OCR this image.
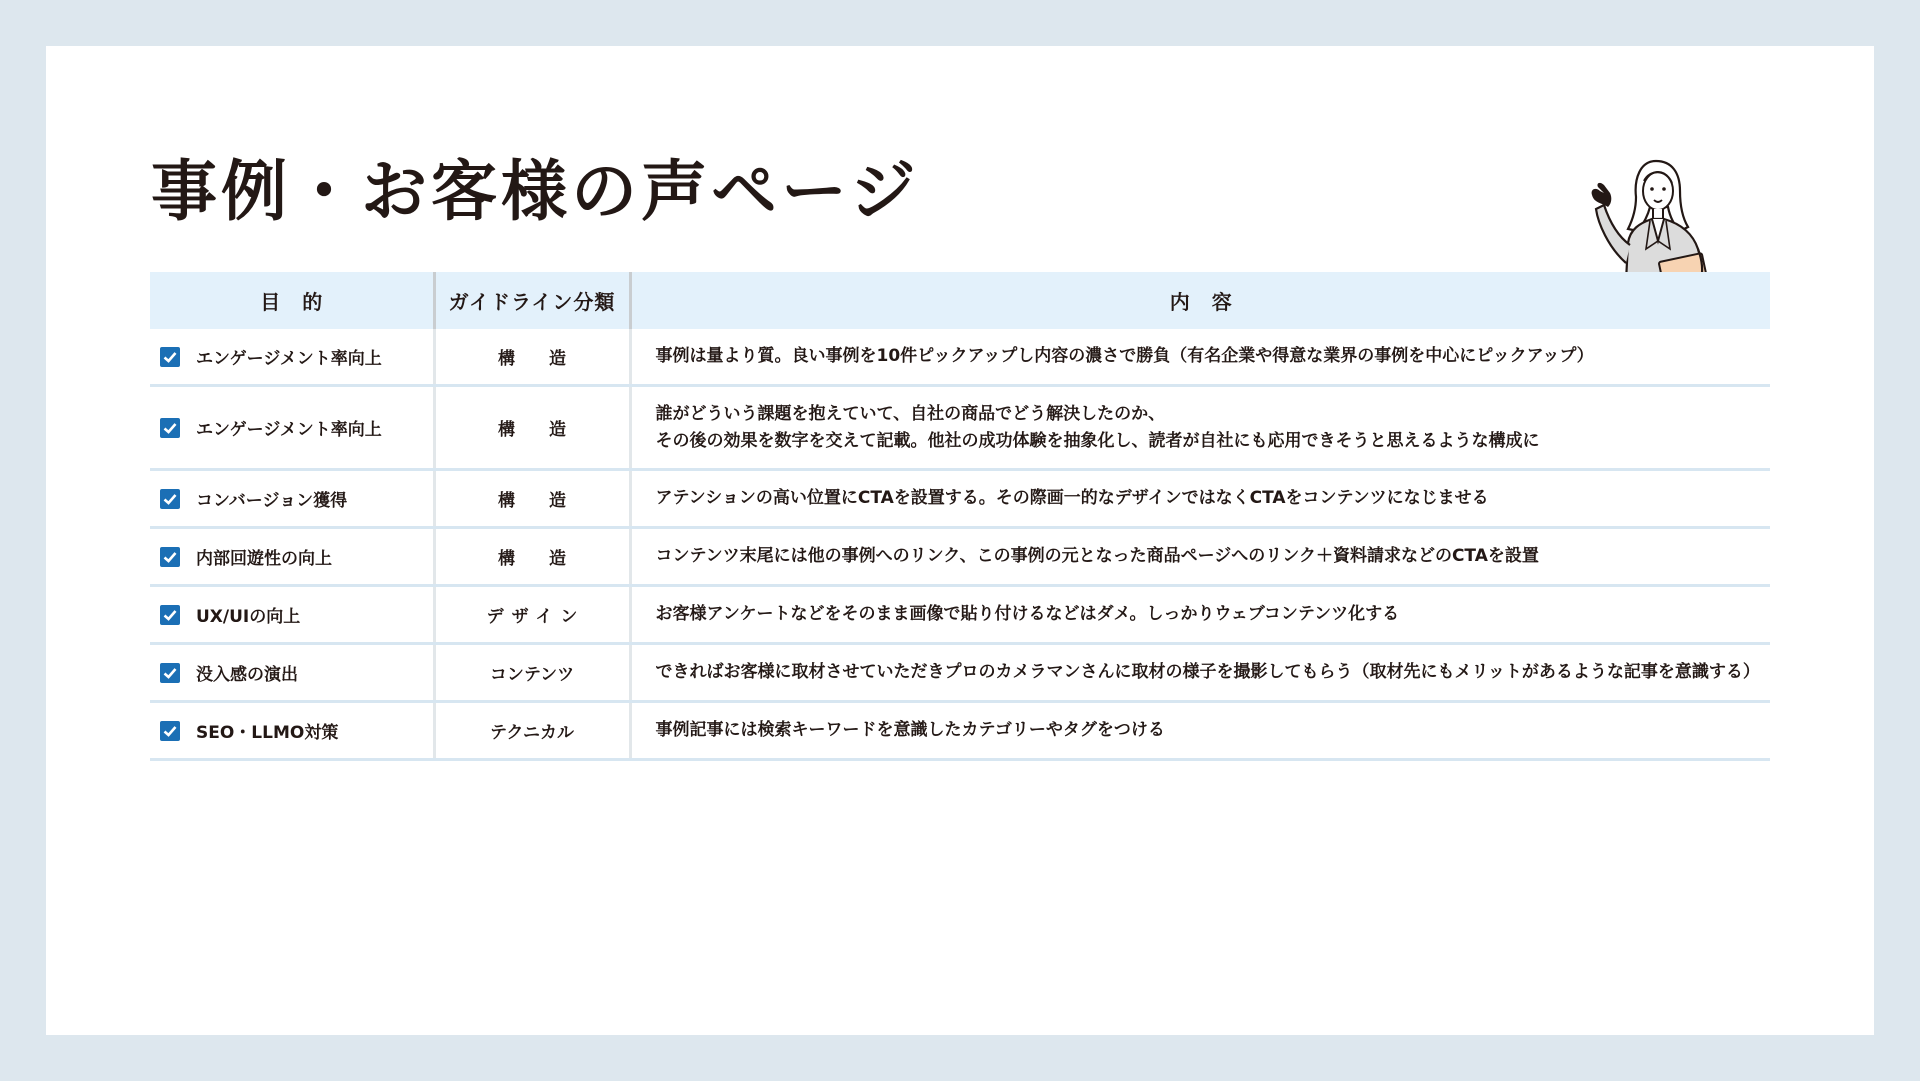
事例・お客様の声ページ
目的	ガイドライン分類	内容

エンゲージメント率向上	構造	事例は量より質。良い事例を10件ピックアップし内容の濃さで勝負（有名企業や得意な業界の事例を中心にピックアップ）

エンゲージメント率向上	構造	誰がどういう課題を抱えていて、自社の商品でどう解決したのか、
その後の効果を数字を交えて記載。他社の成功体験を抽象化し、読者が自社にも応用できそうと思えるような構成に

コンバージョン獲得	構造	アテンションの高い位置にCTAを設置する。その際画一的なデザインではなくCTAをコンテンツになじませる

内部回遊性の向上	構造	コンテンツ末尾には他の事例へのリンク、この事例の元となった商品ページへのリンク＋資料請求などのCTAを設置

UX/UIの向上	デザイン	お客様アンケートなどをそのまま画像で貼り付けるなどはダメ。しっかりウェブコンテンツ化する

没入感の演出	コンテンツ	できればお客様に取材させていただきプロのカメラマンさんに取材の様子を撮影してもらう（取材先にもメリットがあるような記事を意識する）

SEO・LLMO対策	テクニカル	事例記事には検索キーワードを意識したカテゴリーやタグをつける
